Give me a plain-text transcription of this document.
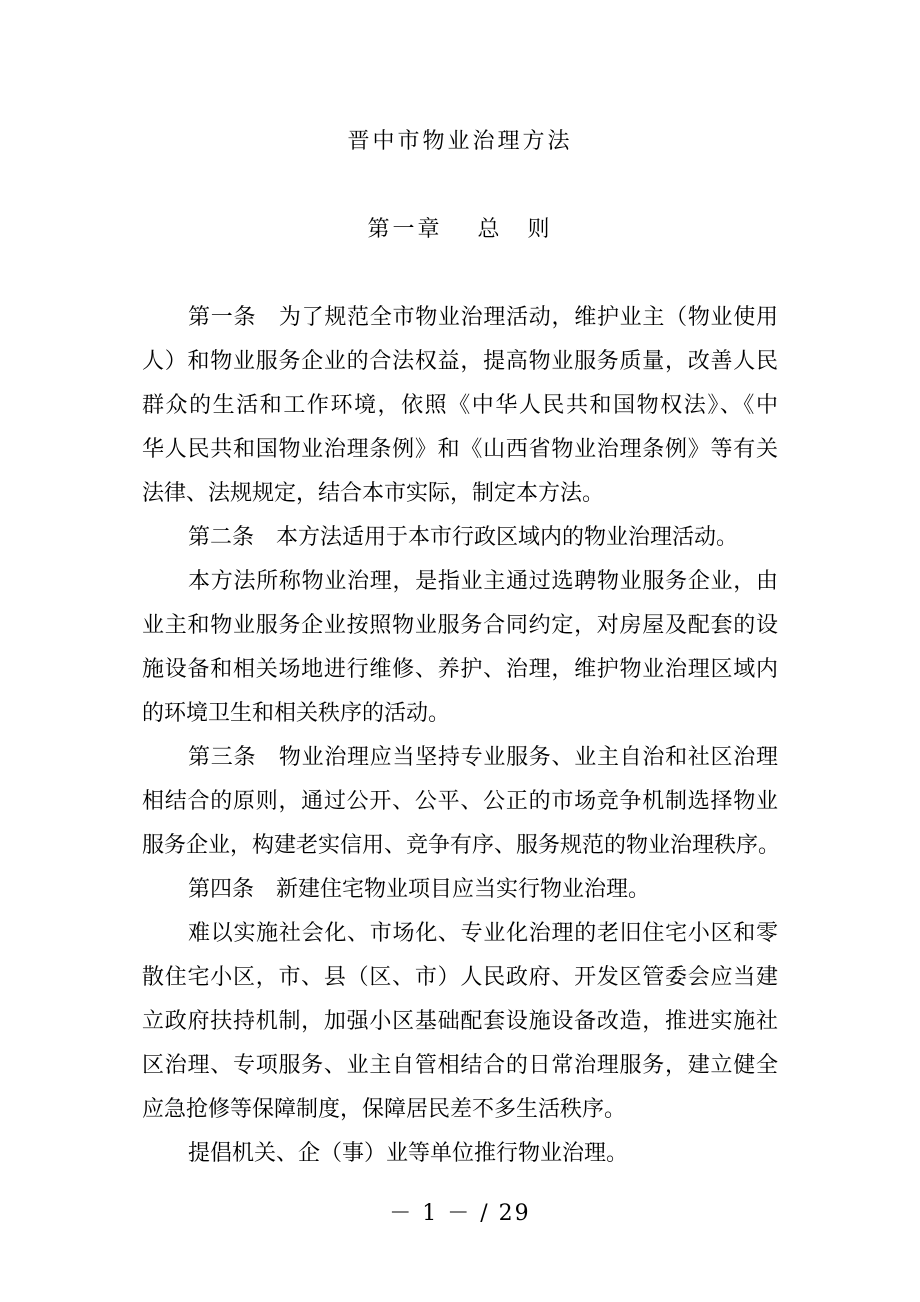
晋中市物业治理方法
第一章　 总　则
第一条　为了规范全市物业治理活动，维护业主（物业使用
人）和物业服务企业的合法权益，提高物业服务质量，改善人民
群众的生活和工作环境，依照《中华人民共和国物权法》、《中
华人民共和国物业治理条例》和《山西省物业治理条例》等有关
法律、法规规定，结合本市实际，制定本方法。
第二条　本方法适用于本市行政区域内的物业治理活动。
本方法所称物业治理，是指业主通过选聘物业服务企业，由
业主和物业服务企业按照物业服务合同约定，对房屋及配套的设
施设备和相关场地进行维修、养护、治理，维护物业治理区域内
的环境卫生和相关秩序的活动。
第三条　物业治理应当坚持专业服务、业主自治和社区治理
相结合的原则，通过公开、公平、公正的市场竞争机制选择物业
服务企业，构建老实信用、竞争有序、服务规范的物业治理秩序。
第四条　新建住宅物业项目应当实行物业治理。
难以实施社会化、市场化、专业化治理的老旧住宅小区和零
散住宅小区，市、县（区、市）人民政府、开发区管委会应当建
立政府扶持机制，加强小区基础配套设施设备改造，推进实施社
区治理、专项服务、业主自管相结合的日常治理服务，建立健全
应急抢修等保障制度，保障居民差不多生活秩序。
提倡机关、企（事）业等单位推行物业治理。
－ 1 － / 29
